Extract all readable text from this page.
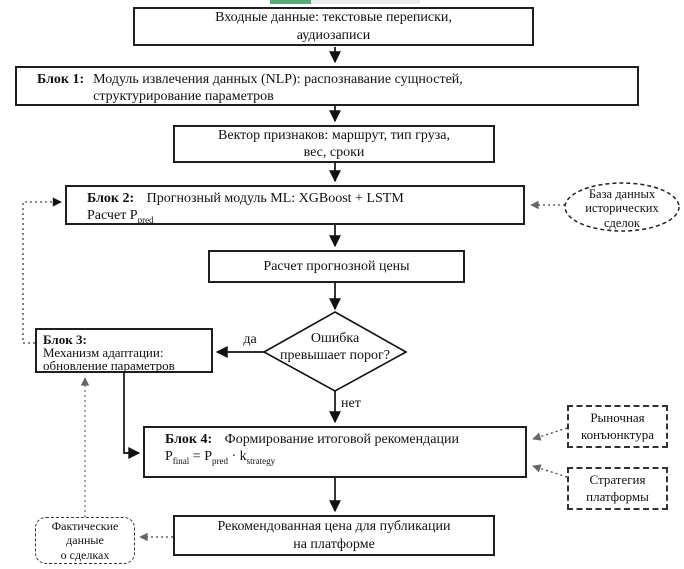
Входные данные: текстовые переписки,
аудиозаписи
Блок 1: Модуль извлечения данных (NLP): распознавание сущностей,
структурирование параметров
Вектор признаков: маршрут, тип груза,
вес, сроки
Блок 2: Прогнозный модуль ML: XGBoost + LSTM
Расчет $P_{pred}$
База данных
исторических
сделок
Расчет прогнозной цены
Ошибка
превышает порог?
да
нет
Блок 3:
Механизм адаптации:
обновление параметров
Блок 4: Формирование итоговой рекомендации
$P_{final} = P_{pred} \cdot k_{strategy}$
Рыночная
конъюнктура
Стратегия
платформы
Рекомендованная цена для публикации
на платформе
Фактические
данные
о сделках
